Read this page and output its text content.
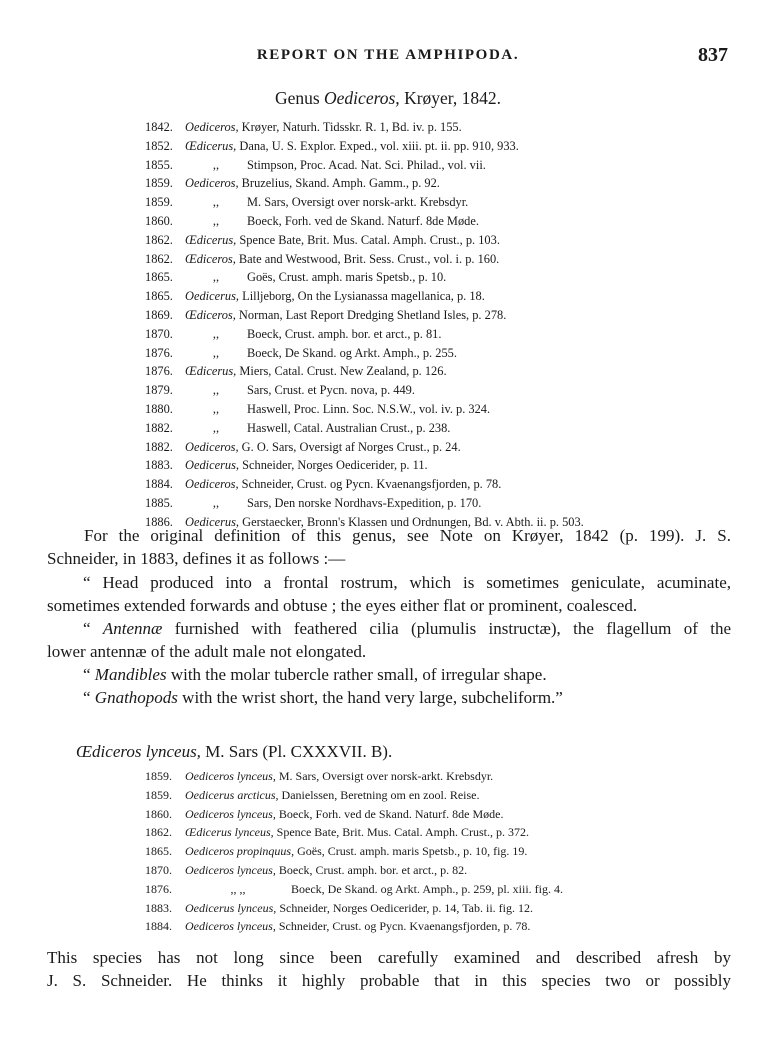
REPORT ON THE AMPHIPODA.	837
Genus Oediceros, Krøyer, 1842.
1842. Oediceros, Krøyer, Naturh. Tidsskr. R. 1, Bd. iv. p. 155.
1852. Œdicerus, Dana, U. S. Explor. Exped., vol. xiii. pt. ii. pp. 910, 933.
1855.	,, Stimpson, Proc. Acad. Nat. Sci. Philad., vol. vii.
1859. Oediceros, Bruzelius, Skand. Amph. Gamm., p. 92.
1859.	,, M. Sars, Oversigt over norsk-arkt. Krebsdyr.
1860.	,, Boeck, Forh. ved de Skand. Naturf. 8de Møde.
1862. Œdicerus, Spence Bate, Brit. Mus. Catal. Amph. Crust., p. 103.
1862. Œdiceros, Bate and Westwood, Brit. Sess. Crust., vol. i. p. 160.
1865.	,, Goës, Crust. amph. maris Spetsb., p. 10.
1865. Oedicerus, Lilljeborg, On the Lysianassa magellanica, p. 18.
1869. Œdiceros, Norman, Last Report Dredging Shetland Isles, p. 278.
1870.	,, Boeck, Crust. amph. bor. et arct., p. 81.
1876.	,, Boeck, De Skand. og Arkt. Amph., p. 255.
1876. Œdicerus, Miers, Catal. Crust. New Zealand, p. 126.
1879.	,, Sars, Crust. et Pycn. nova, p. 449.
1880.	,, Haswell, Proc. Linn. Soc. N.S.W., vol. iv. p. 324.
1882.	,, Haswell, Catal. Australian Crust., p. 238.
1882. Oediceros, G. O. Sars, Oversigt af Norges Crust., p. 24.
1883. Oedicerus, Schneider, Norges Oedicerider, p. 11.
1884. Oediceros, Schneider, Crust. og Pycn. Kvaenangsfjorden, p. 78.
1885.	,, Sars, Den norske Nordhavs-Expedition, p. 170.
1886. Oedicerus, Gerstaecker, Bronn's Klassen und Ordnungen, Bd. v. Abth. ii. p. 503.
For the original definition of this genus, see Note on Krøyer, 1842 (p. 199). J. S.
Schneider, in 1883, defines it as follows :—
“ Head produced into a frontal rostrum, which is sometimes geniculate, acuminate,
sometimes extended forwards and obtuse ; the eyes either flat or prominent, coalesced.
“ Antennæ furnished with feathered cilia (plumulis instructæ), the flagellum of the
lower antennæ of the adult male not elongated.
“ Mandibles with the molar tubercle rather small, of irregular shape.
“ Gnathopods with the wrist short, the hand very large, subcheliform.”
Œdiceros lynceus, M. Sars (Pl. CXXXVII. B).
1859. Oediceros lynceus, M. Sars, Oversigt over norsk-arkt. Krebsdyr.
1859. Oedicerus arcticus, Danielssen, Beretning om en zool. Reise.
1860. Oediceros lynceus, Boeck, Forh. ved de Skand. Naturf. 8de Møde.
1862. Œdicerus lynceus, Spence Bate, Brit. Mus. Catal. Amph. Crust., p. 372.
1865. Oediceros propinquus, Goës, Crust. amph. maris Spetsb., p. 10, fig. 19.
1870. Oediceros lynceus, Boeck, Crust. amph. bor. et arct., p. 82.
1876.	,, ,,	Boeck, De Skand. og Arkt. Amph., p. 259, pl. xiii. fig. 4.
1883. Oedicerus lynceus, Schneider, Norges Oedicerider, p. 14, Tab. ii. fig. 12.
1884. Oediceros lynceus, Schneider, Crust. og Pycn. Kvaenangsfjorden, p. 78.
This species has not long since been carefully examined and described afresh by
J. S. Schneider. He thinks it highly probable that in this species two or possibly
